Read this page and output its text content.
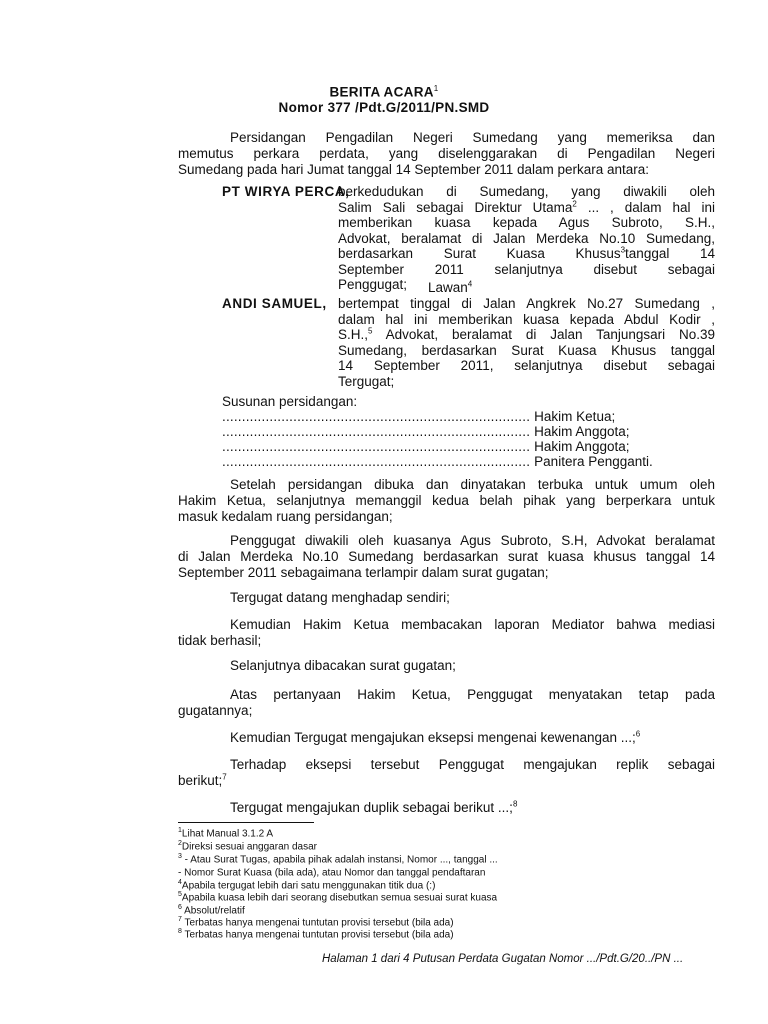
BERITA ACARA$^1$
Nomor 377 /Pdt.G/2011/PN.SMD
Persidangan Pengadilan Negeri Sumedang yang memeriksa dan
memutus perkara perdata, yang diselenggarakan di Pengadilan Negeri
Sumedang pada hari Jumat tanggal 14 September 2011 dalam perkara antara:
PT WIRYA PERCA,
berkedudukan di Sumedang, yang diwakili oleh
Salim Sali sebagai Direktur Utama$^2$ ... , dalam hal ini
memberikan kuasa kepada Agus Subroto, S.H.,
Advokat, beralamat di Jalan Merdeka No.10 Sumedang,
berdasarkan Surat Kuasa Khusus$^3$tanggal 14
September 2011 selanjutnya disebut sebagai
Penggugat;	Lawan$^4$
ANDI SAMUEL, bertempat tinggal di Jalan Angkrek No.27 Sumedang ,
dalam hal ini memberikan kuasa kepada Abdul Kodir ,
S.H.,$^5$ Advokat, beralamat di Jalan Tanjungsari No.39
Sumedang, berdasarkan Surat Kuasa Khusus tanggal
14 September 2011, selanjutnya disebut sebagai
Tergugat;
Susunan persidangan:
.............................................................................. Hakim Ketua;
.............................................................................. Hakim Anggota;
.............................................................................. Hakim Anggota;
.............................................................................. Panitera Pengganti.
Setelah persidangan dibuka dan dinyatakan terbuka untuk umum oleh
Hakim Ketua, selanjutnya memanggil kedua belah pihak yang berperkara untuk
masuk kedalam ruang persidangan;
Penggugat diwakili oleh kuasanya Agus Subroto, S.H, Advokat beralamat
di Jalan Merdeka No.10 Sumedang berdasarkan surat kuasa khusus tanggal 14
September 2011 sebagaimana terlampir dalam surat gugatan;
Tergugat datang menghadap sendiri;
Kemudian Hakim Ketua membacakan laporan Mediator bahwa mediasi
tidak berhasil;
Selanjutnya dibacakan surat gugatan;
Atas pertanyaan Hakim Ketua, Penggugat menyatakan tetap pada
gugatannya;
Kemudian Tergugat mengajukan eksepsi mengenai kewenangan ...;$^6$
Terhadap eksepsi tersebut Penggugat mengajukan replik sebagai
berikut;$^7$
Tergugat mengajukan duplik sebagai berikut ...;$^8$
$^1$Lihat Manual 3.1.2 A
$^2$Direksi sesuai anggaran dasar
$^3$ - Atau Surat Tugas, apabila pihak adalah instansi, Nomor ..., tanggal ...
- Nomor Surat Kuasa (bila ada), atau Nomor dan tanggal pendaftaran
$^4$Apabila tergugat lebih dari satu menggunakan titik dua (:)
$^5$Apabila kuasa lebih dari seorang disebutkan semua sesuai surat kuasa
$^6$ Absolut/relatif
$^7$ Terbatas hanya mengenai tuntutan provisi tersebut (bila ada)
$^8$ Terbatas hanya mengenai tuntutan provisi tersebut (bila ada)
Halaman 1 dari 4 Putusan Perdata Gugatan Nomor .../Pdt.G/20../PN ...
